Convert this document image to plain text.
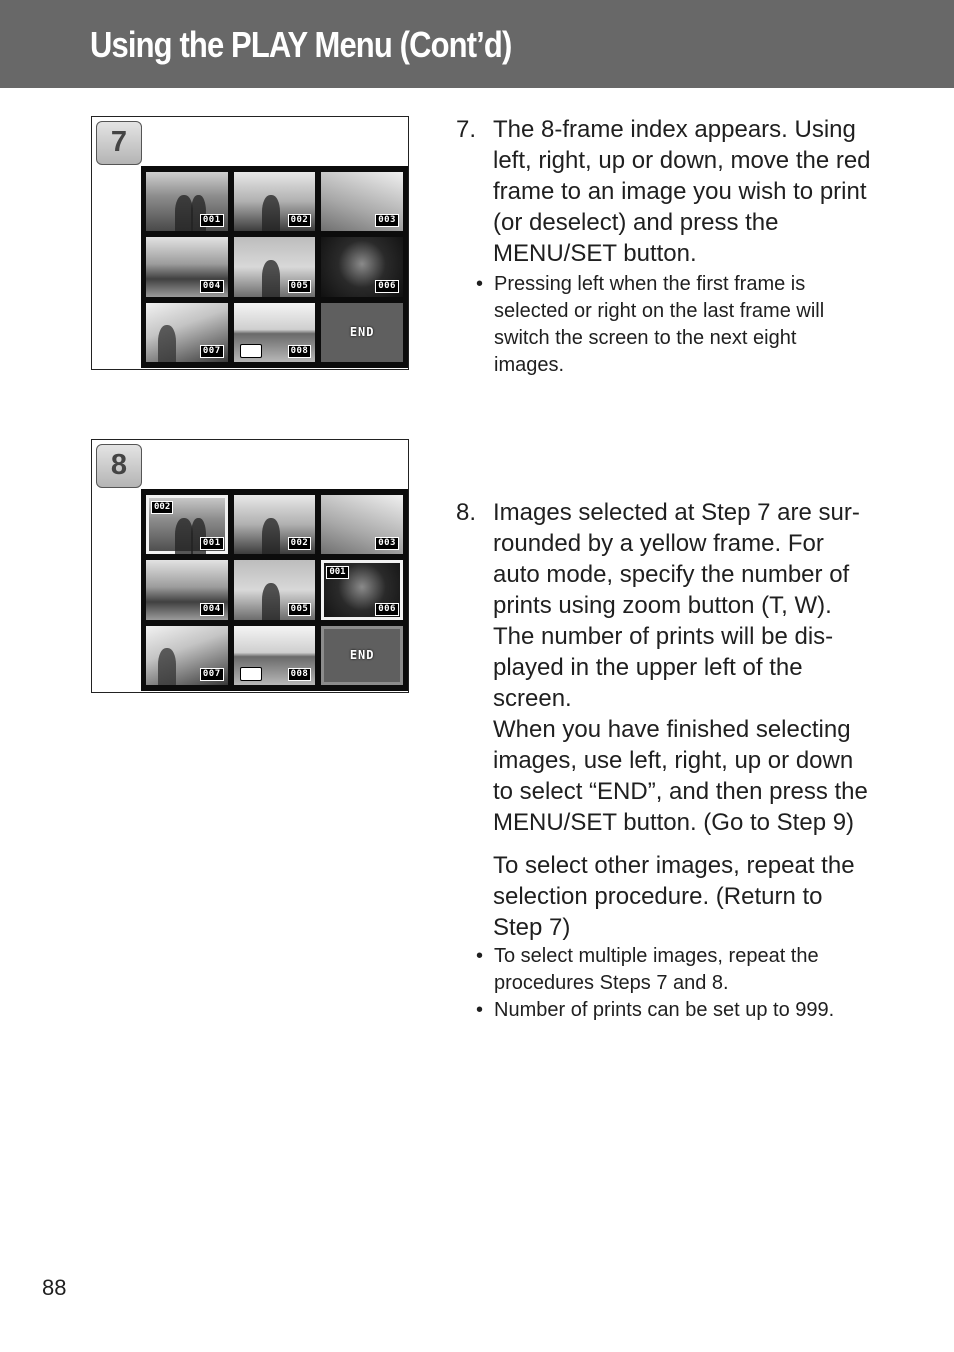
Using the PLAY Menu (Cont’d)
7
001	002	003
004	005	006
007	008
END
8
002
001	002	003
004	005
001
006
007	008
END
7. The 8-frame index appears. Using
left, right, up or down, move the red
frame to an image you wish to print
(or deselect) and press the
MENU/SET button.
• Pressing left when the first frame is
selected or right on the last frame will
switch the screen to the next eight
images.
8. Images selected at Step 7 are sur-
rounded by a yellow frame. For
auto mode, specify the number of
prints using zoom button (T, W).
The number of prints will be dis-
played in the upper left of the
screen.
When you have finished selecting
images, use left, right, up or down
to select “END”, and then press the
MENU/SET button. (Go to Step 9)
To select other images, repeat the
selection procedure. (Return to
Step 7)
• To select multiple images, repeat the
procedures Steps 7 and 8.
• Number of prints can be set up to 999.
88
